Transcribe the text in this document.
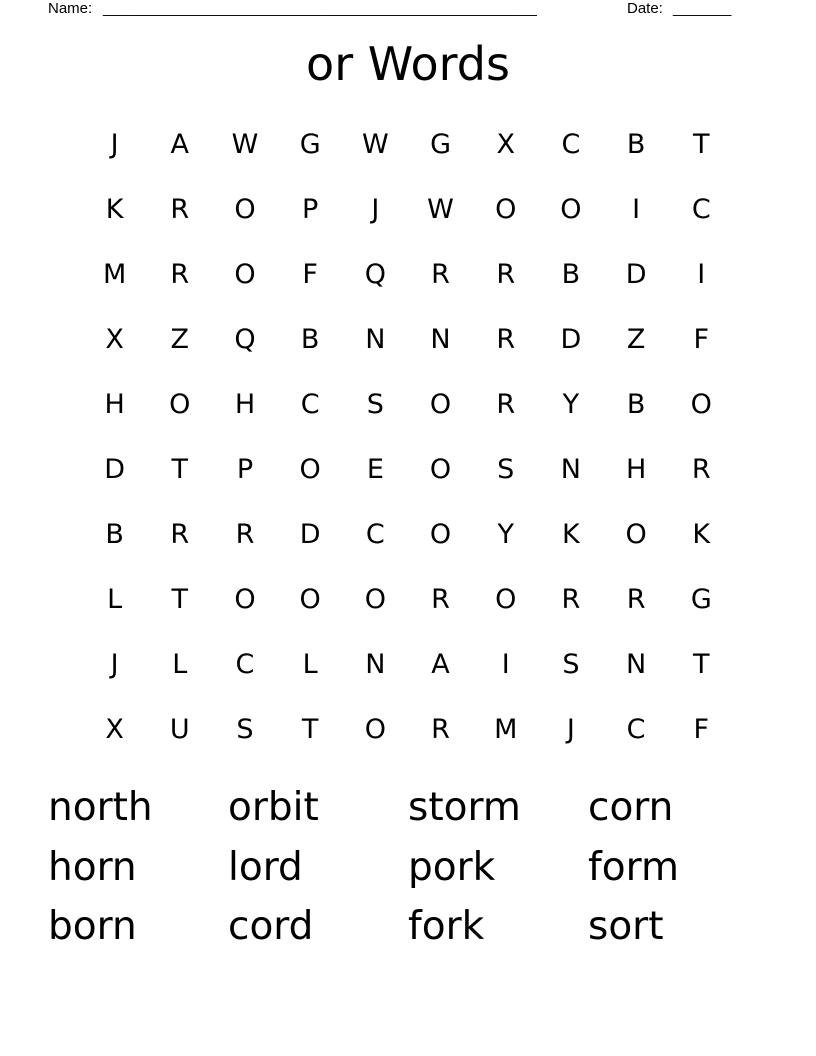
Name: ____________________________________________________	Date: _______
or Words
J	A	W	G	W	G	X	C	B	T
K	R	O	P	J	W	O	O	I	C
M	R	O	F	Q	R	R	B	D	I
X	Z	Q	B	N	N	R	D	Z	F
H	O	H	C	S	O	R	Y	B	O
D	T	P	O	E	O	S	N	H	R
B	R	R	D	C	O	Y	K	O	K
L	T	O	O	O	R	O	R	R	G
J	L	C	L	N	A	I	S	N	T
X	U	S	T	O	R	M	J	C	F
north	orbit	storm	corn
horn	lord	pork	form
born	cord	fork	sort
